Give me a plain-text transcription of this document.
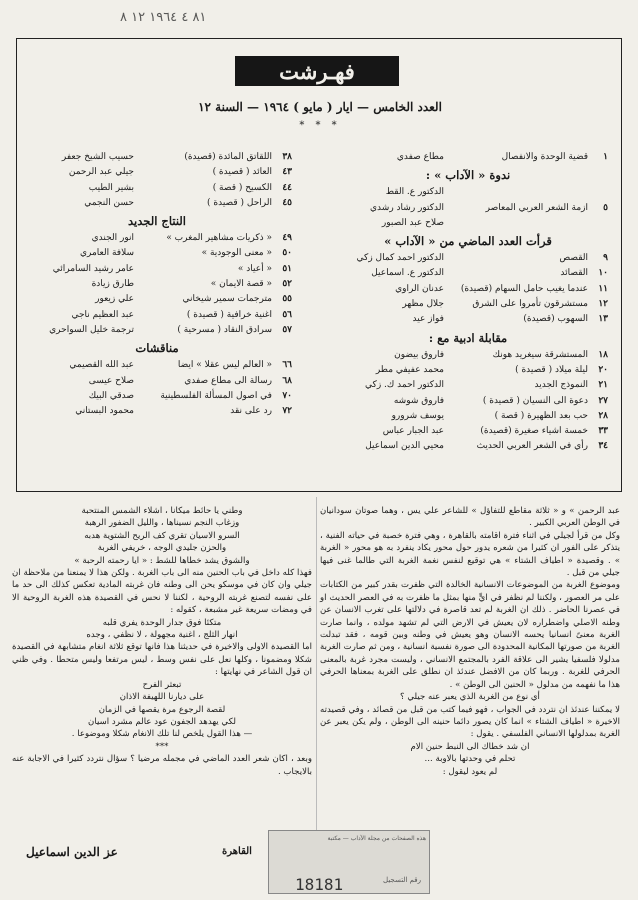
٨١ ٤ ١٩٦٤ ١٢ ٨
فهـرشت
العدد الخامس — ايار ( مايو ) ١٩٦٤ — السنة ١٢
* * *
١
قضية الوحدة والانفصال
مطاع صفدي
ندوة « الآداب » :
الدكتور ع. القط
٥
ازمة الشعر العربي المعاصر
الدكتور رشاد رشدي
صلاح عبد الصبور
قرأت العدد الماضي من « الآداب »
٩
القصص
الدكتور احمد كمال زكي
١٠
القصائد
الدكتور ع. اسماعيل
١١
عندما يغيب حامل السهام (قصيدة)
عدنان الراوي
١٢
مستشرقون تأمروا على الشرق
جلال مظهر
١٣
السهوب (قصيدة)
فواز عيد
مقابلة ادبية مع :
١٨
المستشرقة سيغريد هونك
فاروق بيضون
٢٠
ليلة ميلاد ( قصيدة )
محمد عفيفي مطر
٢١
النموذج الجديد
الدكتور احمد ك. زكي
٢٧
دعوة الى النسيان ( قصيدة )
فاروق شوشه
٢٨
حب بعد الظهيرة ( قصة )
يوسف شرورو
٣٣
خمسة اشياء صغيرة (قصيدة)
عبد الجبار عباس
٣٤
رأي في الشعر العربي الحديث
محيي الدين اسماعيل
٣٨
اللقاتق المائدة (قصيدة)
حسيب الشيخ جعفر
٤٣
العائد ( قصيدة )
جيلي عبد الرحمن
٤٤
الكسيح ( قصة )
بشير الطيب
٤٥
الراحل ( قصيدة )
حسن النجمي
النتاج الجديد
٤٩
« ذكريات مشاهير المغرب »
انور الجندي
٥٠
« معنى الوجودية »
سلافة العامري
٥١
« أعياد »
عامر رشيد السامرائي
٥٢
« قصة الايمان »
طارق زيادة
٥٥
مترجمات سمير شيخاني
علي زيعور
٥٦
اغنية خرافية ( قصيدة )
عبد العظيم ناجي
٥٧
سرادق النقاد ( مسرحية )
ترجمة خليل السواحري
مناقشات
٦٦
« العالم ليس عقلا » ايضا
عبد الله القصيمي
٦٨
رسالة الى مطاع صفدي
صلاح عيسى
٧٠
في اصول المسألة الفلسطينية
صدقي البيك
٧٢
رد على نقد
محمود البستاني

عبد الرحمن » و « ثلاثة مقاطع للتفاؤل » للشاعر علي يس ، وهما صوتان سودانيان في الوطن العربي الكبير .

وكل من قرأ لجيلي في اثناء فترة اقامته بالقاهرة ، وهي فترة خصبة في حياته الفنية ، يتذكر على الفور ان كثيرا من شعره يدور حول محور يكاد ينفرد به هو محور « الغربة » . وقصيدة « اطياف الشتاء » هي توقيع لنفس نغمة الغربة التي طالما غنى فيها جيلي من قبل .

وموضوع الغربة من الموضوعات الانسانية الخالدة التي ظفرت بقدر كبير من الكتابات على مر العصور ، ولكننا لم نظفر في ايٍّ منها بمثل ما ظفرت به في العصر الحديث او في عصرنا الحاضر . ذلك ان الغربة لم تعد قاصرة في دلالتها على تغرب الانسان عن وطنه الاصلي واضطراره لان يعيش في الارض التي لم تشهد مولده ، وانما صارت الغربة معنىً انسانيا يحسه الانسان وهو يعيش في وطنه وبين قومه ، فقد تبدلت الغربة من صورتها المكانية المحدودة الى صورة نفسية انسانية ، ومن ثم صارت الغربة مدلولا فلسفيا يشير الى علاقة الفرد بالمجتمع الانساني ، وليست مجرد غربة بالمعنى الحرفي للغربة . وربما كان من الافضل عندئذ ان نطلق على الغربة بمعناها الحرفي هذا ما نفهمه من مدلول « الحنين الى الوطن » .

أي نوع من الغربة الذي يعبر عنه جيلي ؟

لا يمكننا عندئذ ان نتردد في الجواب ، فهو فيما كتب من قبل من قصائد ، وفي قصيدته الاخيرة « اطياف الشتاء » انما كان يصور دائما حنينه الى الوطن ، ولم يكن يعبر عن الغربة بمدلولها الانساني الفلسفي . يقول :

ان شد خطاك الى النبط حنين الام

تحلم في وحدتها بالاوبة ...

لم يعود ليقول :

وطني يا حائط ميكانا ، اشلاء الشمس المنتحبة

وزغاب النجم نسيناها ، والليل الضفور الرهبة

السرو الاسيان تقري كف الريح الشتوية هدبه

والحزن جليدي الوجه ، خريفي الغربة

والشوق يشد خطاها للشط : « ايا رحمته الرحبة »

فهذا كله داخل في باب الحنين منه الى باب الغربة . ولكن هذا لا يمنعنا من ملاحظة ان جيلي وان كان في موسكو يحن الى وطنه فان غربته المادية تعكس كذلك الى حد ما على نفسه لتصنع غربته الروحية ، لكننا لا نحس في القصيدة هذه الغربة الروحية الا في ومضات سريعة غير مشبعة ، كقوله :

متكئا فوق جدار الوحدة يفري قلبه

انهار الثلج ، اغنية مجهولة ، لا نظفي ، وجده

اما القصيدة الاولى والاخيرة في حديثنا هذا فانها توقع ثلاثة انغام متشابهة في القصيدة شكلا ومضمونا ، وكلها نعل على نفس وسط ، ليس مرتفعا وليس متحطا . وفي ظني ان قول الشاعر في نهايتها :

تبعثر الفرح

على ديارنا اللهيفة الاذان

لقصة الرجوع مرة يقصها في الزمان

لكي يهدهد الجفون عود عالم مشرد اسيان

— هذا القول يلخص لنا تلك الانغام شكلا وموضوعا .

***

وبعد ، اكان شعر العدد الماضي في مجمله مرضيا ؟ سؤال نتردد كثيرا في الاجابة عنه بالايجاب .

هذه الصفحات من مجلة الآداب — مكتبة
رقم التسجيل
18181
القاهرة
عز الدين اسماعيل
